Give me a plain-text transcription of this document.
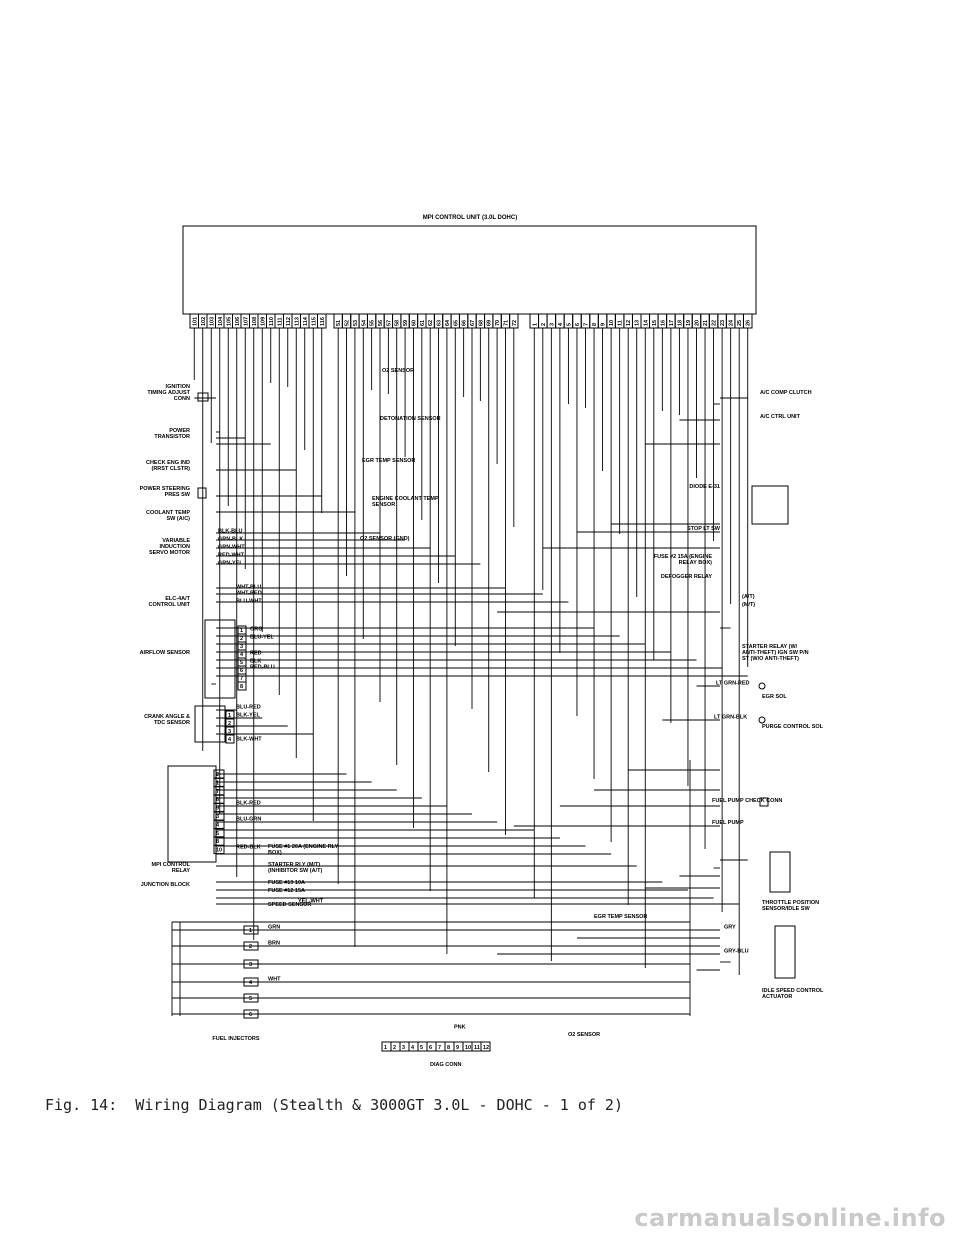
MPI CONTROL UNIT (3.0L DOHC)
101 102 103 104 105 106 107 108 109 110 111 112 113 114 115 116 51 52 53 54 55 56 57 58 59 60 61 62 63 64 65 66 67 68 69 70 71 72	1 2 3 4 5 6 7 8 9 10 11 12 13 14 15 16 17 18 19 20 21 22 23 24 25 26
1
2
3
4
5
6
7
8
1
2
3
4
2
1
7
6
9
3
4
5
8
10
IGNITION TIMING ADJUST CONN
POWER TRANSISTOR
CHECK ENG IND (RRST CLSTR)
POWER STEERING PRES SW
COOLANT TEMP SW (A/C)
VARIABLE INDUCTION SERVO MOTOR
ELC-4A/T CONTROL UNIT
AIRFLOW SENSOR
CRANK ANGLE & TDC SENSOR
MPI CONTROL RELAY
JUNCTION BLOCK
FUEL INJECTORS
O2 SENSOR
DETONATION SENSOR
EGR TEMP SENSOR
ENGINE COOLANT TEMP SENSOR
O2 SENSOR (GND)
FUSE #1 20A (ENGINE RLY BOX)
STARTER RLY (M/T) (INHIBITOR SW (A/T)
FUSE #19 10A
FUSE #12 15A
SPEED SENSOR
EGR TEMP SENSOR
DIAG CONN
O2 SENSOR
A/C COMP CLUTCH
A/C CTRL UNIT
DIODE E-31
STOP LT SW
FUSE #2 15A (ENGINE RELAY BOX)
DEFOGGER RELAY
(A/T)
(M/T)
STARTER RELAY (W/ ANTI-THEFT) IGN SW P/N ST (W/O ANTI-THEFT)
EGR SOL
PURGE CONTROL SOL
FUEL PUMP CHECK CONN
FUEL PUMP
THROTTLE POSITION SENSOR/IDLE SW
IDLE SPEED CONTROL ACTUATOR
BLK-BLU
GRN-BLK
GRN-WHT
RED-WHT
GRN-YEL
WHT-BLU
WHT-RED
BLU-WHT
ORG
BLU-YEL
RED
BLK
RED-BLU
BLU-RED
BLK-YEL
BLK-WHT
BLK-RED
BLU-GRN
RED-BLK
YEL-WHT
GRN
BRN
WHT
GRY
GRY-BLU
LT GRN-RED
LT GRN-BLK
PNK
1 2 3 4 5 6 7 8 9 10 11 12
1
2
3
4
5
6
Fig. 14:  Wiring Diagram (Stealth & 3000GT 3.0L - DOHC - 1 of 2)
carmanualsonline.info
